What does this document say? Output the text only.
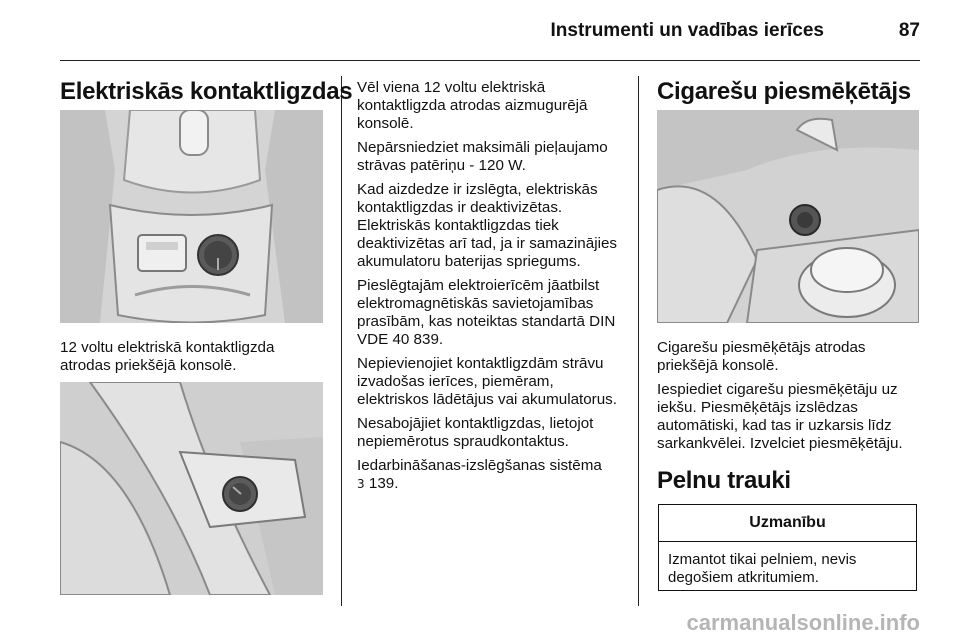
Instrumenti un vadības ierīces	87
Elektriskās kontaktligzdas
12 voltu elektriskā kontaktligzda atrodas priekšējā konsolē.

Vēl viena 12 voltu elektriskā kontaktligzda atrodas aizmugurējā konsolē.

Nepārsniedziet maksimāli pieļaujamo strāvas patēriņu - 120 W.

Kad aizdedze ir izslēgta, elektriskās kontaktligzdas ir deaktivizētas. Elektriskās kontaktligzdas tiek deaktivizētas arī tad, ja ir samazinājies akumulatoru baterijas spriegums.

Pieslēgtajām elektroierīcēm jāatbilst elektromagnētiskās savietojamības prasībām, kas noteiktas standartā DIN VDE 40 839.

Nepievienojiet kontaktligzdām strāvu izvadošas ierīces, piemēram, elektriskos lādētājus vai akumulatorus.

Nesabojājiet kontaktligzdas, lietojot nepiemērotus spraudkontaktus.

Iedarbināšanas-izslēgšanas sistēma
3 139.

Cigarešu piesmēķētājs

Cigarešu piesmēķētājs atrodas priekšējā konsolē.

Iespiediet cigarešu piesmēķētāju uz iekšu. Piesmēķētājs izslēdzas automātiski, kad tas ir uzkarsis līdz sarkankvēlei. Izvelciet piesmēķētāju.

Pelnu trauki
Uzmanību
Izmantot tikai pelniem, nevis degošiem atkritumiem.
carmanualsonline.info
